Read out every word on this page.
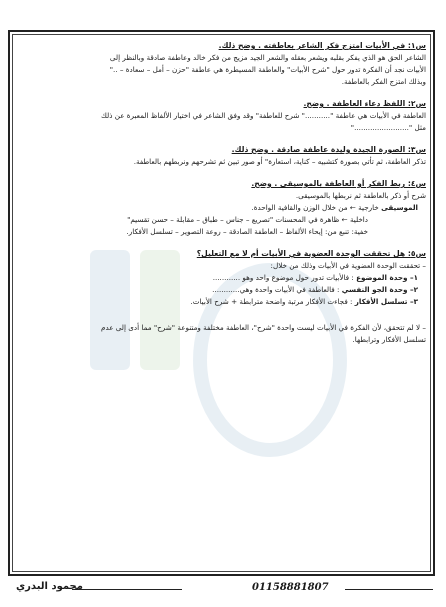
س١: في الأبيات امتزج فكر الشاعر بعاطفته . وضح ذلك.

الشاعر الحق هو الذي يفكر بقلبه ويشعر بعقله والشعر الجيد مزيج من فكر خالد وعاطفة صادقة وبالنظر إلى

الأبيات نجد أن الفكرة تدور حول "شرح الأبيات" والعاطفة المسيطرة هي عاطفة "حزن – أمل – سعادة – .."

وبذلك امتزج الفكر بالعاطفة.

س٢: اللفظ دعاء العاطفة . وضح.

العاطفة في الأبيات هي عاطفة "..........." شرح للعاطفة" وقد وفق الشاعر في اختيار الألفاظ المعبرة عن ذلك

مثل "........................"

س٣: الصورة الجيدة وليدة عاطفة صادقة . وضح ذلك.

تذكر العاطفة، ثم تأتي بصورة كتشبيه – كناية، استعارة" أو صور تبين ثم تشرحهم ونربطهم بالعاطفة.

س٤: ربط الفكر أو العاطفة بالموسيقى . وضح.

شرح أو ذكر بالعاطفة ثم نربطها بالموسيقى.

الموسيقى خارجية ← من خلال الوزن والقافية الواحدة.

داخلية ← ظاهرة في المحسنات "تصريع – جناس – طباق – مقابلة – حسن تقسيم"

خفية: تنبع من: إيحاء الألفاظ – العاطفة الصادقة – روعة التصوير – تسلسل الأفكار.

س٥: هل تحققت الوحدة العضوية في الأبيات أم لا مع التعليل؟

– تحققت الوحدة العضوية في الأبيات وذلك من خلال:

١– وحدة الموضوع : فالأبيات تدور حول موضوع واحد وهو ............

٢– وحدة الجو النفسي : فالعاطفة في الأبيات واحدة وهي............

٣– تسلسل الأفكار : فجاءت الأفكار مرتبة واضحة مترابطة + شرح الأبيات.

– لا لم تتحقق، لأن الفكرة في الأبيات ليست واحدة "شرح"، العاطفة مختلفة ومتنوعة "شرح" مما أدى إلى عدم

تسلسل الأفكار وترابطها.

01158881807
محمود البدري
